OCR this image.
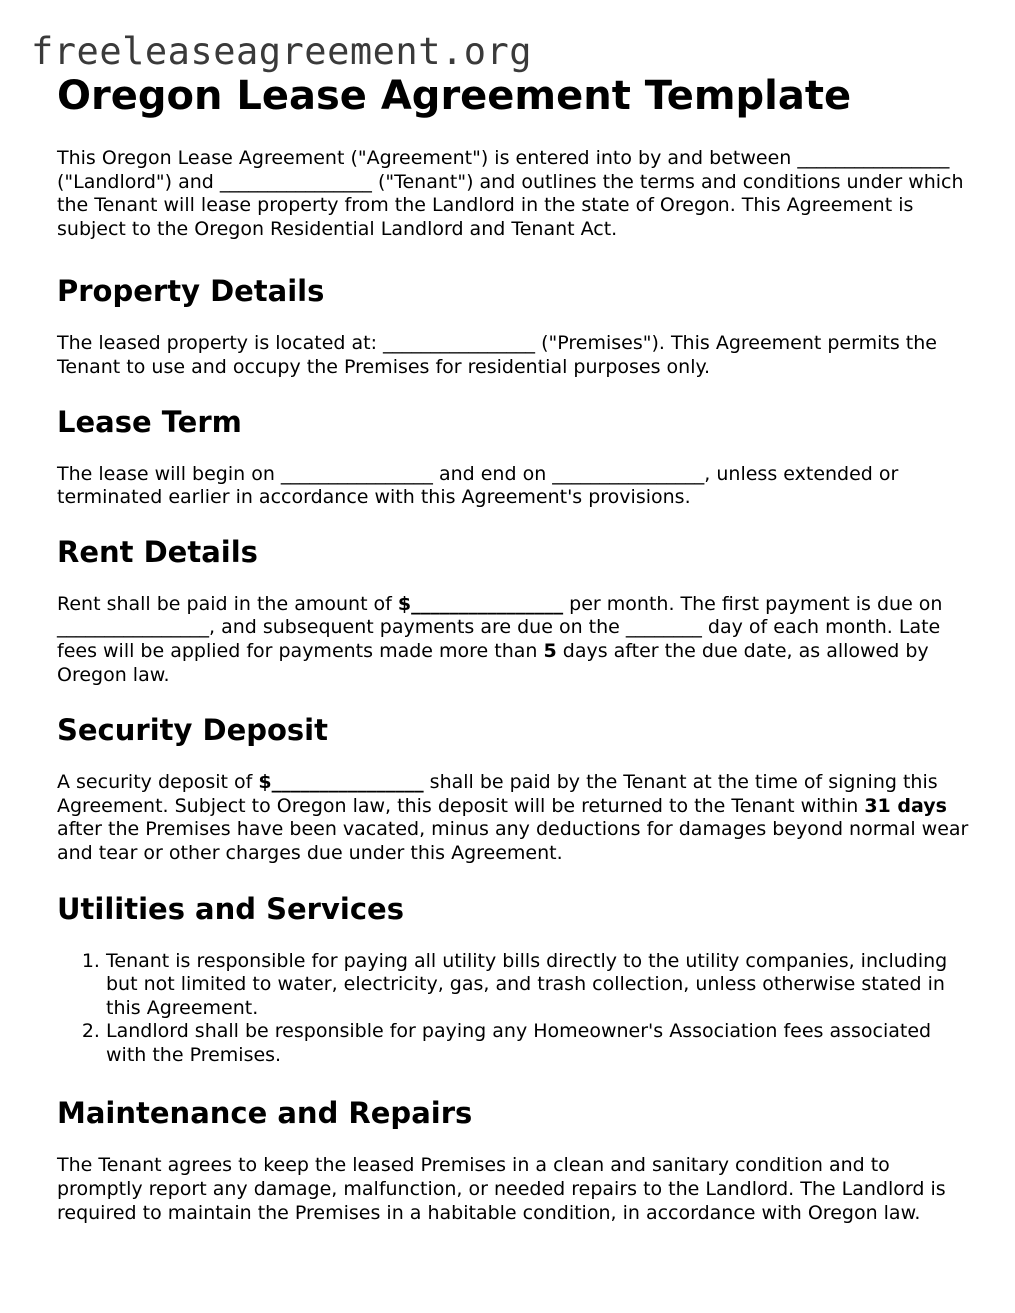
freeleaseagreement.org
Oregon Lease Agreement Template

This Oregon Lease Agreement ("Agreement") is entered into by and between ________________ ("Landlord") and ________________ ("Tenant") and outlines the terms and conditions under which the Tenant will lease property from the Landlord in the state of Oregon. This Agreement is subject to the Oregon Residential Landlord and Tenant Act.

Property Details

The leased property is located at: ________________ ("Premises"). This Agreement permits the Tenant to use and occupy the Premises for residential purposes only.

Lease Term

The lease will begin on ________________ and end on ________________, unless extended or terminated earlier in accordance with this Agreement's provisions.

Rent Details

Rent shall be paid in the amount of $________________ per month. The first payment is due on ________________, and subsequent payments are due on the ________ day of each month. Late fees will be applied for payments made more than 5 days after the due date, as allowed by Oregon law.

Security Deposit

A security deposit of $________________ shall be paid by the Tenant at the time of signing this Agreement. Subject to Oregon law, this deposit will be returned to the Tenant within 31 days after the Premises have been vacated, minus any deductions for damages beyond normal wear and tear or other charges due under this Agreement.

Utilities and Services
1. Tenant is responsible for paying all utility bills directly to the utility companies, including but not limited to water, electricity, gas, and trash collection, unless otherwise stated in this Agreement.
2. Landlord shall be responsible for paying any Homeowner's Association fees associated with the Premises.
Maintenance and Repairs

The Tenant agrees to keep the leased Premises in a clean and sanitary condition and to promptly report any damage, malfunction, or needed repairs to the Landlord. The Landlord is required to maintain the Premises in a habitable condition, in accordance with Oregon law.
